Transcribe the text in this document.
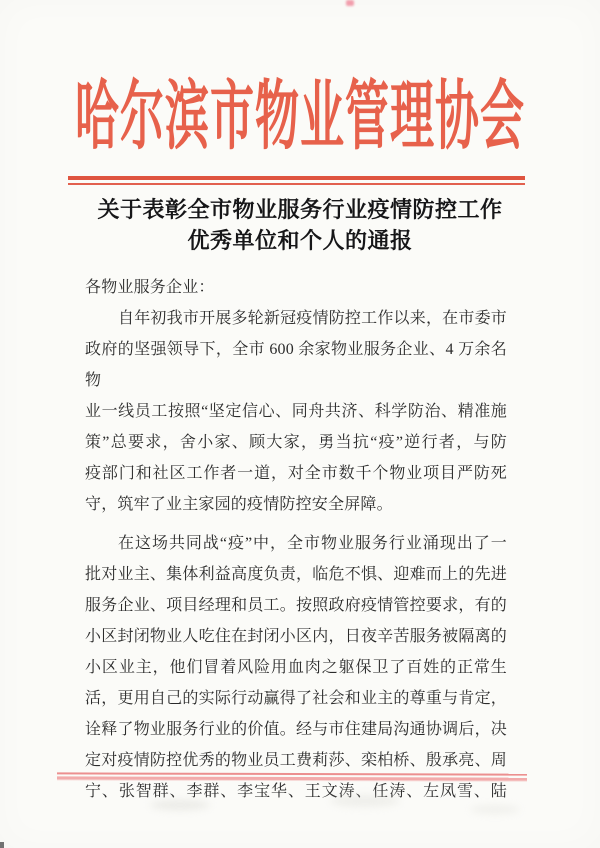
哈尔滨市物业管理协会
关于表彰全市物业服务行业疫情防控工作
优秀单位和个人的通报
各物业服务企业：
自年初我市开展多轮新冠疫情防控工作以来，在市委市
政府的坚强领导下，全市 600 余家物业服务企业、4 万余名物
业一线员工按照“坚定信心、同舟共济、科学防治、精准施
策”总要求，舍小家、顾大家，勇当抗“疫”逆行者，与防
疫部门和社区工作者一道，对全市数千个物业项目严防死
守，筑牢了业主家园的疫情防控安全屏障。
在这场共同战“疫”中，全市物业服务行业涌现出了一
批对业主、集体利益高度负责，临危不惧、迎难而上的先进
服务企业、项目经理和员工。按照政府疫情管控要求，有的
小区封闭物业人吃住在封闭小区内，日夜辛苦服务被隔离的
小区业主，他们冒着风险用血肉之躯保卫了百姓的正常生
活，更用自己的实际行动赢得了社会和业主的尊重与肯定，
诠释了物业服务行业的价值。经与市住建局沟通协调后，决
定对疫情防控优秀的物业员工费莉莎、栾柏桥、殷承亮、周
宁、张智群、李群、李宝华、王文涛、任涛、左凤雪、陆
